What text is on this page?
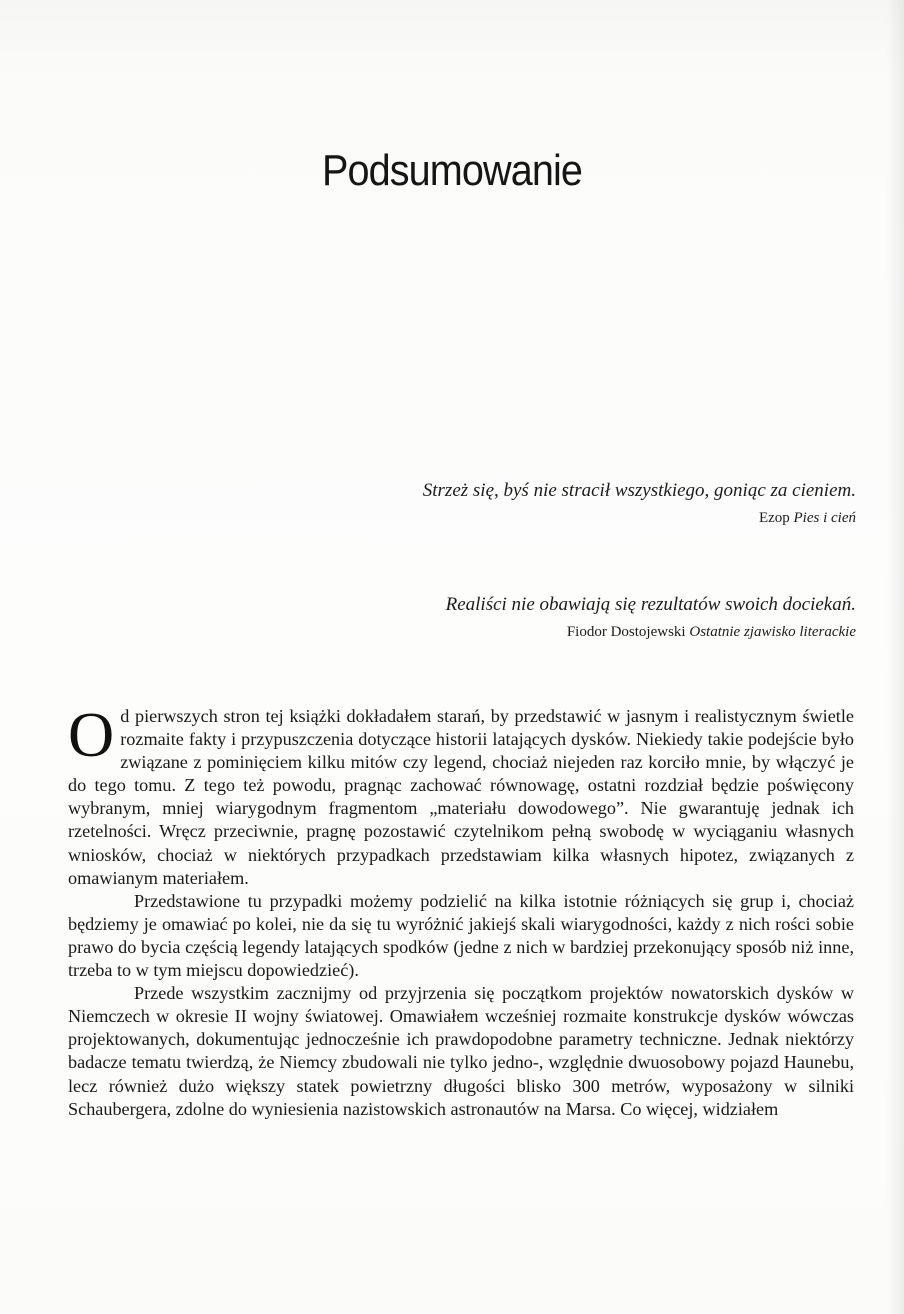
Podsumowanie
Strzeż się, byś nie stracił wszystkiego, goniąc za cieniem.
Ezop Pies i cień
Realiści nie obawiają się rezultatów swoich dociekań.
Fiodor Dostojewski Ostatnie zjawisko literackie

Od pierwszych stron tej książki dokładałem starań, by przedstawić w jasnym i realistycznym świetle rozmaite fakty i przypuszczenia dotyczące historii latających dysków. Niekiedy takie podejście było związane z pominięciem kilku mitów czy legend, chociaż niejeden raz korciło mnie, by włączyć je do tego tomu. Z tego też powodu, pragnąc zachować równowagę, ostatni rozdział będzie poświęcony wybranym, mniej wiarygodnym fragmentom „materiału dowodowego”. Nie gwarantuję jednak ich rzetelności. Wręcz przeciwnie, pragnę pozostawić czytelnikom pełną swobodę w wyciąganiu własnych wniosków, chociaż w niektórych przypadkach przedstawiam kilka własnych hipotez, związanych z omawianym materiałem.

Przedstawione tu przypadki możemy podzielić na kilka istotnie różniących się grup i, chociaż będziemy je omawiać po kolei, nie da się tu wyróżnić jakiejś skali wiarygodności, każdy z nich rości sobie prawo do bycia częścią legendy latających spodków (jedne z nich w bardziej przekonujący sposób niż inne, trzeba to w tym miejscu dopowiedzieć).

Przede wszystkim zacznijmy od przyjrzenia się początkom projektów nowatorskich dysków w Niemczech w okresie II wojny światowej. Omawiałem wcześniej rozmaite konstrukcje dysków wówczas projektowanych, dokumentując jednocześnie ich prawdopodobne parametry techniczne. Jednak niektórzy badacze tematu twierdzą, że Niemcy zbudowali nie tylko jedno-, względnie dwuosobowy pojazd Haunebu, lecz również dużo większy statek powietrzny długości blisko 300 metrów, wyposażony w silniki Schaubergera, zdolne do wyniesienia nazistowskich astronautów na Marsa. Co więcej, widziałem
